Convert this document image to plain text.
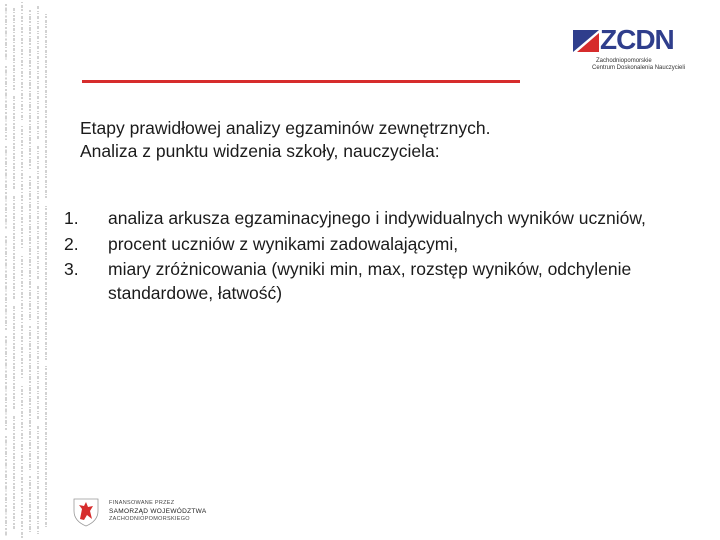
ZCDN
Zachodniopomorskie
Centrum Doskonalenia Nauczycieli
Etapy prawidłowej analizy egzaminów zewnętrznych.
Analiza z punktu widzenia szkoły, nauczyciela:
1. analiza arkusza egzaminacyjnego i indywidualnych wyników uczniów,
2. procent uczniów z wynikami zadowalającymi,
3. miary zróżnicowania (wyniki min, max, rozstęp wyników, odchylenie standardowe, łatwość)
FINANSOWANE PRZEZ
SAMORZĄD WOJEWÓDZTWA
ZACHODNIOPOMORSKIEGO
